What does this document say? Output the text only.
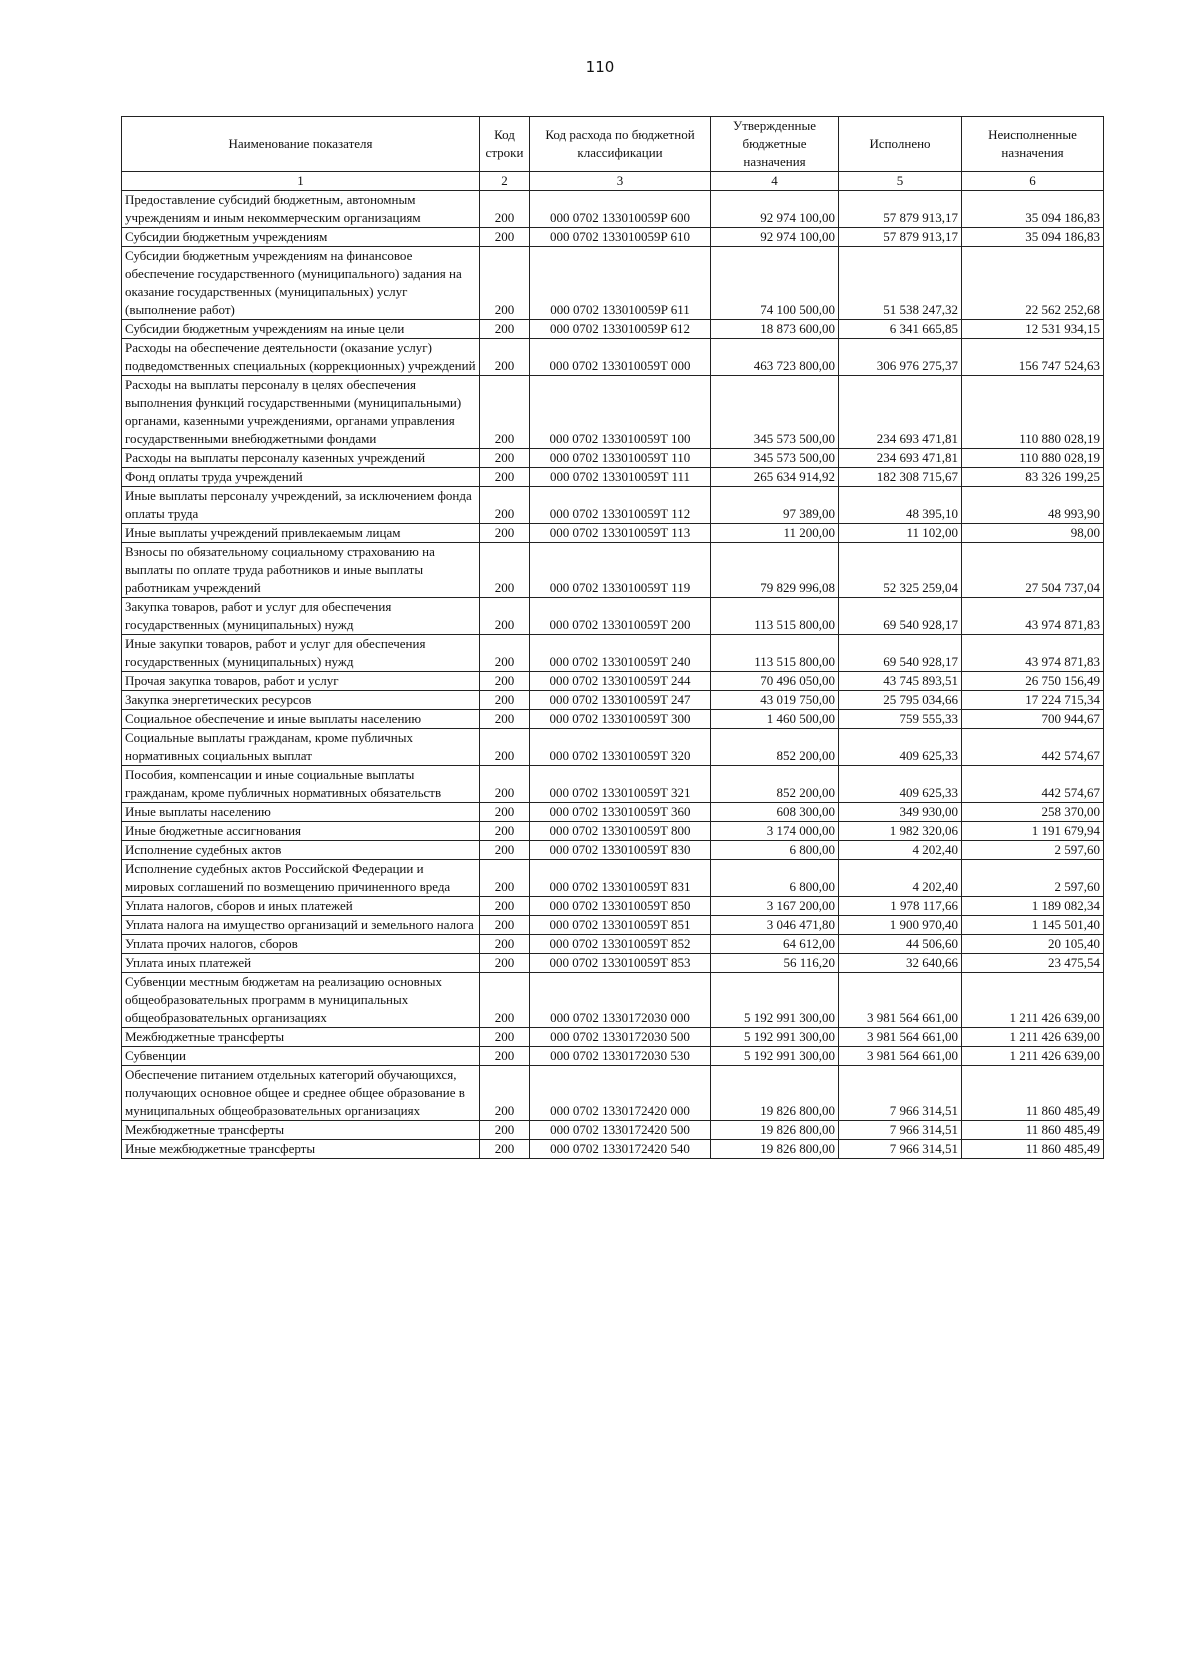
110
Наименование показателя	Код строки	Код расхода по бюджетной классификации	Утвержденные бюджетные назначения	Исполнено	Неисполненные назначения
1	2	3	4	5	6
Предоставление субсидий бюджетным, автономным учреждениям и иным некоммерческим организациям	200	000 0702 133010059P 600	92 974 100,00	57 879 913,17	35 094 186,83
Субсидии бюджетным учреждениям	200	000 0702 133010059P 610	92 974 100,00	57 879 913,17	35 094 186,83
Субсидии бюджетным учреждениям на финансовое обеспечение государственного (муниципального) задания на оказание государственных (муниципальных) услуг (выполнение работ)	200	000 0702 133010059P 611	74 100 500,00	51 538 247,32	22 562 252,68
Субсидии бюджетным учреждениям на иные цели	200	000 0702 133010059P 612	18 873 600,00	6 341 665,85	12 531 934,15
Расходы на обеспечение деятельности (оказание услуг) подведомственных специальных (коррекционных) учреждений	200	000 0702 133010059T 000	463 723 800,00	306 976 275,37	156 747 524,63
Расходы на выплаты персоналу в целях обеспечения выполнения функций государственными (муниципальными) органами, казенными учреждениями, органами управления государственными внебюджетными фондами	200	000 0702 133010059T 100	345 573 500,00	234 693 471,81	110 880 028,19
Расходы на выплаты персоналу казенных учреждений	200	000 0702 133010059T 110	345 573 500,00	234 693 471,81	110 880 028,19
Фонд оплаты труда учреждений	200	000 0702 133010059T 111	265 634 914,92	182 308 715,67	83 326 199,25
Иные выплаты персоналу учреждений, за исключением фонда оплаты труда	200	000 0702 133010059T 112	97 389,00	48 395,10	48 993,90
Иные выплаты учреждений привлекаемым лицам	200	000 0702 133010059T 113	11 200,00	11 102,00	98,00
Взносы по обязательному социальному страхованию на выплаты по оплате труда работников и иные выплаты работникам учреждений	200	000 0702 133010059T 119	79 829 996,08	52 325 259,04	27 504 737,04
Закупка товаров, работ и услуг для обеспечения государственных (муниципальных) нужд	200	000 0702 133010059T 200	113 515 800,00	69 540 928,17	43 974 871,83
Иные закупки товаров, работ и услуг для обеспечения государственных (муниципальных) нужд	200	000 0702 133010059T 240	113 515 800,00	69 540 928,17	43 974 871,83
Прочая закупка товаров, работ и услуг	200	000 0702 133010059T 244	70 496 050,00	43 745 893,51	26 750 156,49
Закупка энергетических ресурсов	200	000 0702 133010059T 247	43 019 750,00	25 795 034,66	17 224 715,34
Социальное обеспечение и иные выплаты населению	200	000 0702 133010059T 300	1 460 500,00	759 555,33	700 944,67
Социальные выплаты гражданам, кроме публичных нормативных социальных выплат	200	000 0702 133010059T 320	852 200,00	409 625,33	442 574,67
Пособия, компенсации и иные социальные выплаты гражданам, кроме публичных нормативных обязательств	200	000 0702 133010059T 321	852 200,00	409 625,33	442 574,67
Иные выплаты населению	200	000 0702 133010059T 360	608 300,00	349 930,00	258 370,00
Иные бюджетные ассигнования	200	000 0702 133010059T 800	3 174 000,00	1 982 320,06	1 191 679,94
Исполнение судебных актов	200	000 0702 133010059T 830	6 800,00	4 202,40	2 597,60
Исполнение судебных актов Российской Федерации и мировых соглашений по возмещению причиненного вреда	200	000 0702 133010059T 831	6 800,00	4 202,40	2 597,60
Уплата налогов, сборов и иных платежей	200	000 0702 133010059T 850	3 167 200,00	1 978 117,66	1 189 082,34
Уплата налога на имущество организаций и земельного налога	200	000 0702 133010059T 851	3 046 471,80	1 900 970,40	1 145 501,40
Уплата прочих налогов, сборов	200	000 0702 133010059T 852	64 612,00	44 506,60	20 105,40
Уплата иных платежей	200	000 0702 133010059T 853	56 116,20	32 640,66	23 475,54
Субвенции местным бюджетам на реализацию основных общеобразовательных программ в муниципальных общеобразовательных организациях	200	000 0702 1330172030 000	5 192 991 300,00	3 981 564 661,00	1 211 426 639,00
Межбюджетные трансферты	200	000 0702 1330172030 500	5 192 991 300,00	3 981 564 661,00	1 211 426 639,00
Субвенции	200	000 0702 1330172030 530	5 192 991 300,00	3 981 564 661,00	1 211 426 639,00
Обеспечение питанием отдельных категорий обучающихся, получающих основное общее и среднее общее образование в муниципальных общеобразовательных организациях	200	000 0702 1330172420 000	19 826 800,00	7 966 314,51	11 860 485,49
Межбюджетные трансферты	200	000 0702 1330172420 500	19 826 800,00	7 966 314,51	11 860 485,49
Иные межбюджетные трансферты	200	000 0702 1330172420 540	19 826 800,00	7 966 314,51	11 860 485,49
